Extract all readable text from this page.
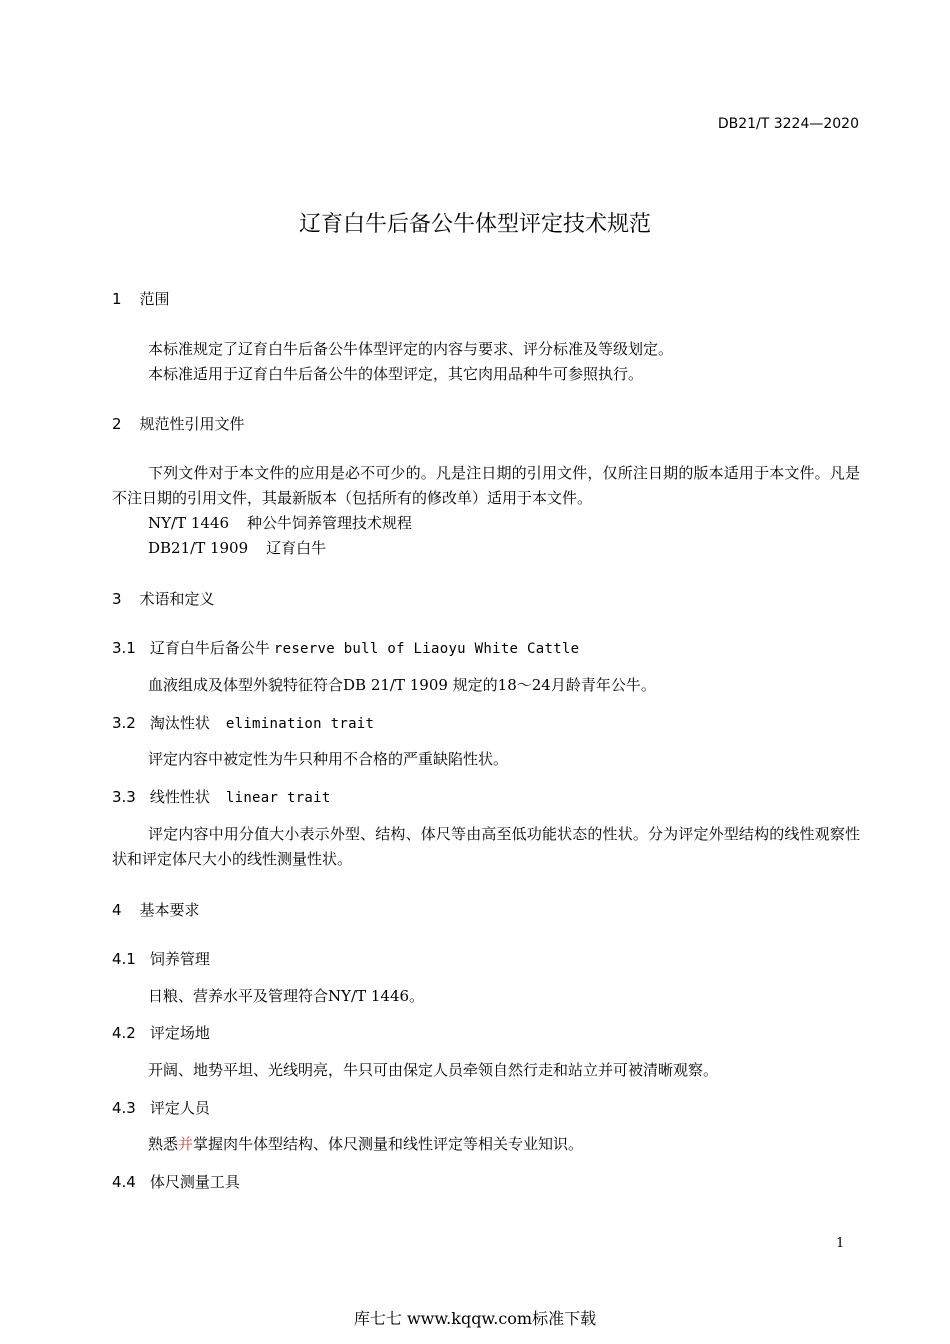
DB21/T 3224—2020
辽育白牛后备公牛体型评定技术规范
1 范围
本标准规定了辽育白牛后备公牛体型评定的内容与要求、评分标准及等级划定。
本标准适用于辽育白牛后备公牛的体型评定，其它肉用品种牛可参照执行。
2 规范性引用文件
下列文件对于本文件的应用是必不可少的。凡是注日期的引用文件，仅所注日期的版本适用于本文件。凡是不注日期的引用文件，其最新版本（包括所有的修改单）适用于本文件。
NY/T 1446 种公牛饲养管理技术规程
DB21/T 1909 辽育白牛
3 术语和定义
3.1 辽育白牛后备公牛 reserve bull of Liaoyu White Cattle
血液组成及体型外貌特征符合DB 21/T 1909 规定的18～24月龄青年公牛。
3.2 淘汰性状 elimination trait
评定内容中被定性为牛只种用不合格的严重缺陷性状。
3.3 线性性状 linear trait
评定内容中用分值大小表示外型、结构、体尺等由高至低功能状态的性状。分为评定外型结构的线性观察性状和评定体尺大小的线性测量性状。
4 基本要求
4.1 饲养管理
日粮、营养水平及管理符合NY/T 1446。
4.2 评定场地
开阔、地势平坦、光线明亮，牛只可由保定人员牵领自然行走和站立并可被清晰观察。
4.3 评定人员
熟悉并掌握肉牛体型结构、体尺测量和线性评定等相关专业知识。
4.4 体尺测量工具
1
库七七 www.kqqw.com标准下载
